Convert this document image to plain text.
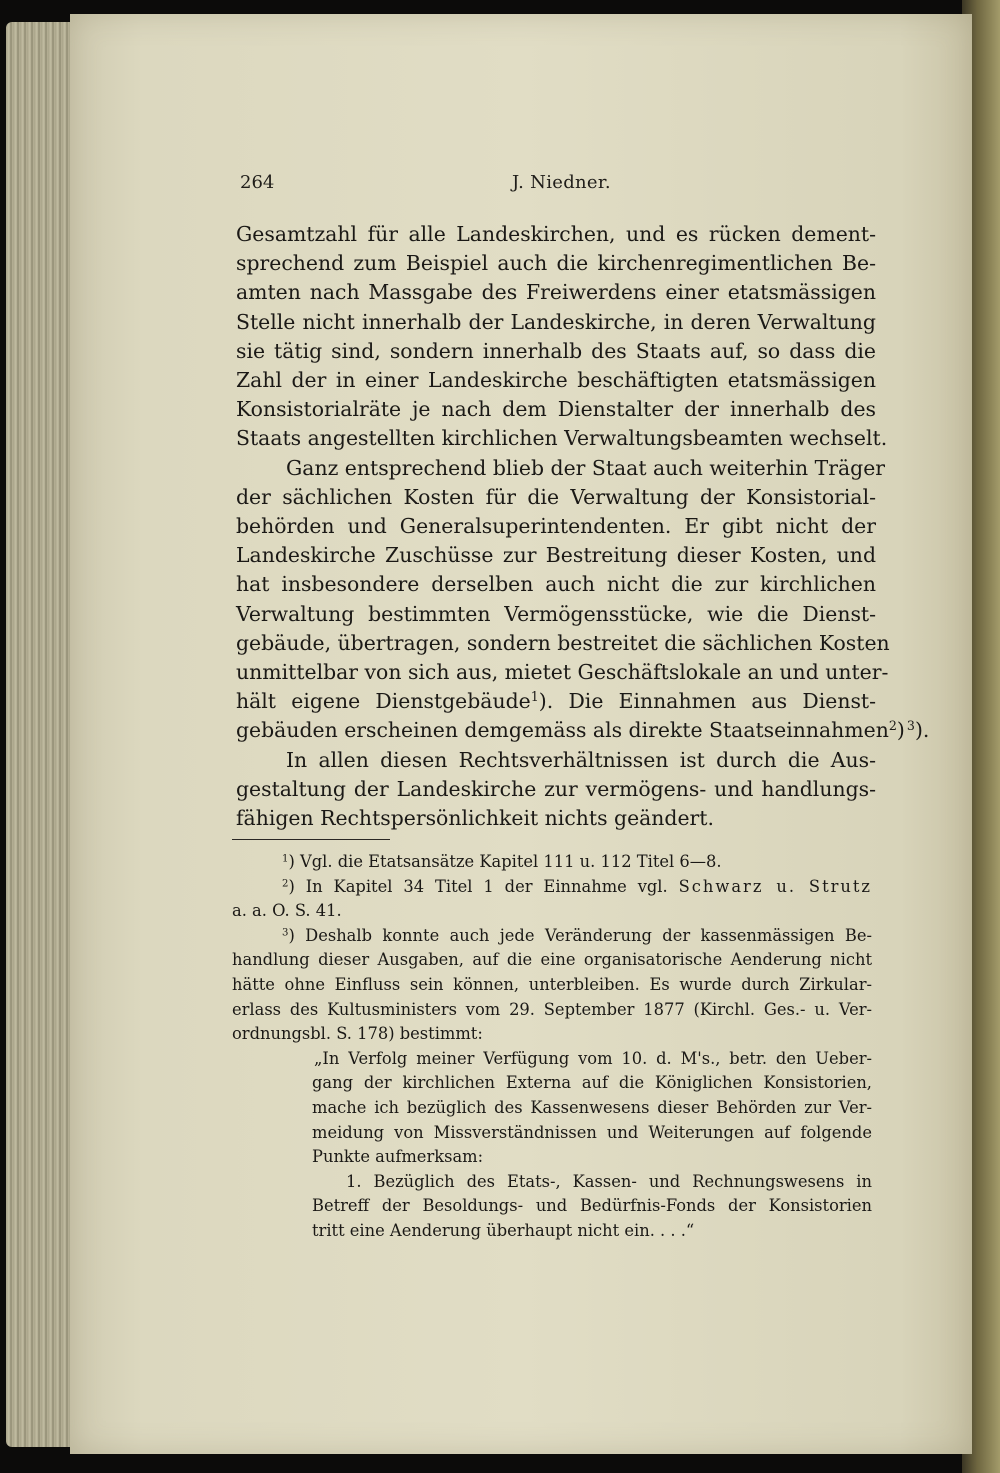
264	J. Niedner.
Gesamtzahl für alle Landeskirchen, und es rücken dement-
sprechend zum Beispiel auch die kirchenregimentlichen Be-
amten nach Massgabe des Freiwerdens einer etatsmässigen
Stelle nicht innerhalb der Landeskirche, in deren Verwaltung
sie tätig sind, sondern innerhalb des Staats auf, so dass die
Zahl der in einer Landeskirche beschäftigten etatsmässigen
Konsistorialräte je nach dem Dienstalter der innerhalb des
Staats angestellten kirchlichen Verwaltungsbeamten wechselt.
Ganz entsprechend blieb der Staat auch weiterhin Träger
der sächlichen Kosten für die Verwaltung der Konsistorial-
behörden und Generalsuperintendenten. Er gibt nicht der
Landeskirche Zuschüsse zur Bestreitung dieser Kosten, und
hat insbesondere derselben auch nicht die zur kirchlichen
Verwaltung bestimmten Vermögensstücke, wie die Dienst-
gebäude, übertragen, sondern bestreitet die sächlichen Kosten
unmittelbar von sich aus, mietet Geschäftslokale an und unter-
hält eigene Dienstgebäude$^1$). Die Einnahmen aus Dienst-
gebäuden erscheinen demgemäss als direkte Staatseinnahmen$^2$)  $^3$).
In allen diesen Rechtsverhältnissen ist durch die Aus-
gestaltung der Landeskirche zur vermögens- und handlungs-
fähigen Rechtspersönlichkeit nichts geändert.
$^1$) Vgl. die Etatsansätze Kapitel 111 u. 112 Titel 6—8.
$^2$) In Kapitel 34 Titel 1 der Einnahme vgl. Schwarz u. Strutz
a. a. O. S. 41.
$^3$) Deshalb konnte auch jede Veränderung der kassenmässigen Be-
handlung dieser Ausgaben, auf die eine organisatorische Aenderung nicht
hätte ohne Einfluss sein können, unterbleiben. Es wurde durch Zirkular-
erlass des Kultusministers vom 29. September 1877 (Kirchl. Ges.- u. Ver-
ordnungsbl. S. 178) bestimmt:
„In Verfolg meiner Verfügung vom 10. d. M's., betr. den Ueber-
gang der kirchlichen Externa auf die Königlichen Konsistorien,
mache ich bezüglich des Kassenwesens dieser Behörden zur Ver-
meidung von Missverständnissen und Weiterungen auf folgende
Punkte aufmerksam:
1. Bezüglich des Etats-, Kassen- und Rechnungswesens in
Betreff der Besoldungs- und Bedürfnis-Fonds der Konsistorien
tritt eine Aenderung überhaupt nicht ein. . . .“
